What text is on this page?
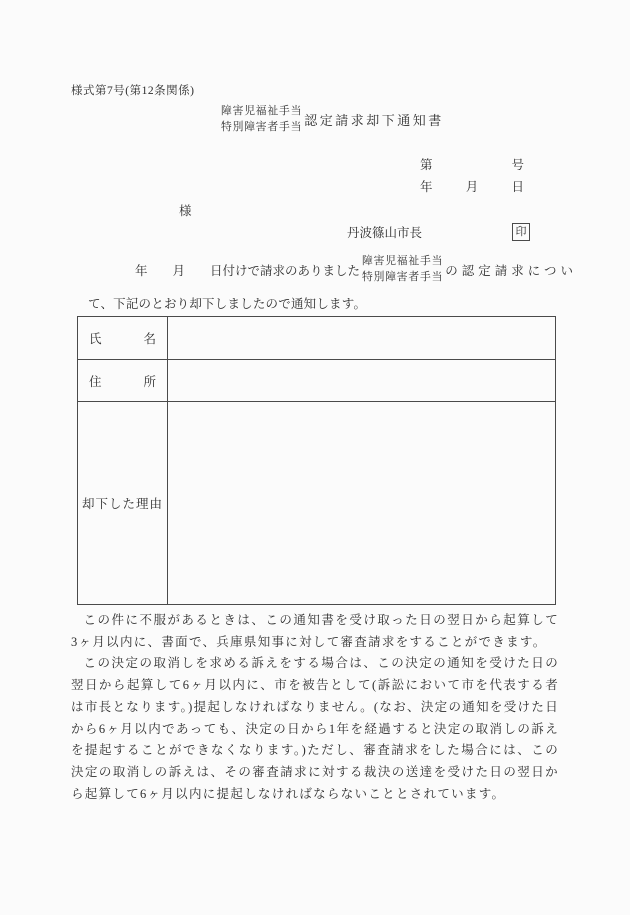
様式第7号(第12条関係)
障害児福祉手当
特別障害者手当 認定請求却下通知書
第	号
年	月	日
様
丹波篠山市長	印
年　　月　　日付けで請求のありました
障害児福祉手当
特別障害者手当 の認定請求につい
て、下記のとおり却下しましたので通知します。
氏	名
住	所
却下した理由

この件に不服があるときは、この通知書を受け取った日の翌日から起算して3ヶ月以内に、書面で、兵庫県知事に対して審査請求をすることができます。

この決定の取消しを求める訴えをする場合は、この決定の通知を受けた日の翌日から起算して6ヶ月以内に、市を被告として(訴訟において市を代表する者は市長となります。)提起しなければなりません。(なお、決定の通知を受けた日から6ヶ月以内であっても、決定の日から1年を経過すると決定の取消しの訴えを提起することができなくなります。)ただし、審査請求をした場合には、この決定の取消しの訴えは、その審査請求に対する裁決の送達を受けた日の翌日から起算して6ヶ月以内に提起しなければならないこととされています。
